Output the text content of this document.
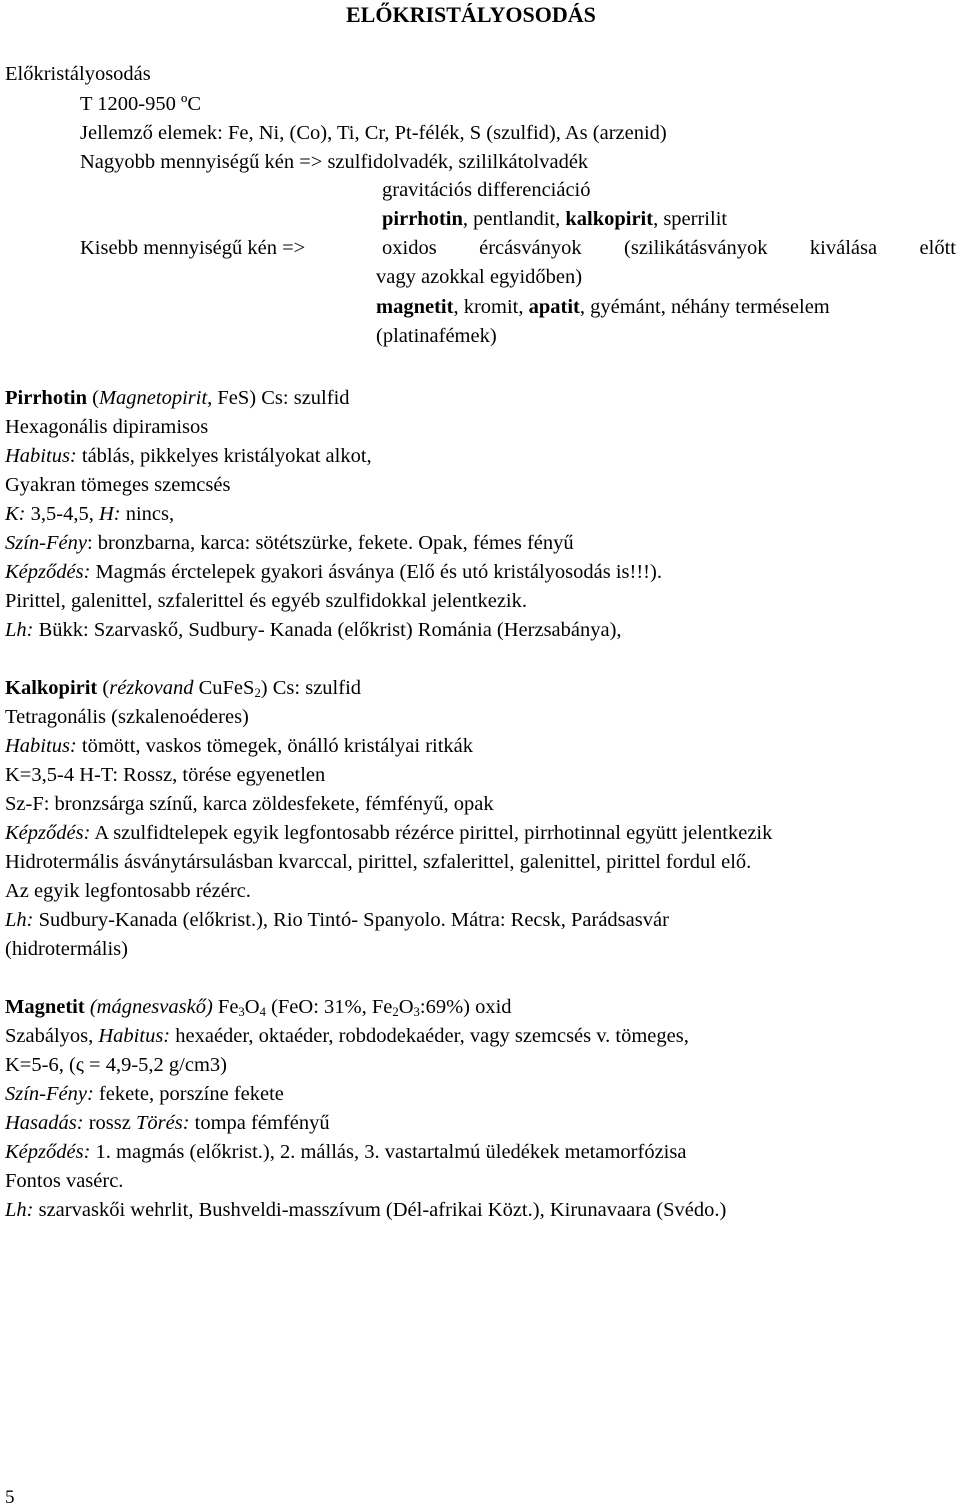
ELŐKRISTÁLYOSODÁS
Előkristályosodás
T 1200-950 ºC
Jellemző elemek: Fe, Ni, (Co), Ti, Cr, Pt-félék, S (szulfid), As (arzenid)
Nagyobb mennyiségű kén => szulfidolvadék, szililkátolvadék
gravitációs differenciáció
pirrhotin, pentlandit, kalkopirit, sperrilit
Kisebb mennyiségű kén =>	oxidos ércásványok (szilikátásványok kiválása előtt
vagy azokkal egyidőben)
magnetit, kromit, apatit, gyémánt, néhány terméselem
(platinafémek)
Pirrhotin (Magnetopirit, FeS) Cs: szulfid
Hexagonális dipiramisos
Habitus: táblás, pikkelyes kristályokat alkot,
Gyakran tömeges szemcsés
K: 3,5-4,5, H: nincs,
Szín-Fény: bronzbarna, karca: sötétszürke, fekete. Opak, fémes fényű
Képződés: Magmás érctelepek gyakori ásványa (Elő és utó kristályosodás is!!!).
Pirittel, galenittel, szfalerittel és egyéb szulfidokkal jelentkezik.
Lh: Bükk: Szarvaskő, Sudbury- Kanada (előkrist) Románia (Herzsabánya),
Kalkopirit (rézkovand CuFeS$_2$) Cs: szulfid
Tetragonális (szkalenoéderes)
Habitus: tömött, vaskos tömegek, önálló kristályai ritkák
K=3,5-4 H-T: Rossz, törése egyenetlen
Sz-F: bronzsárga színű, karca zöldesfekete, fémfényű, opak
Képződés: A szulfidtelepek egyik legfontosabb rézérce pirittel, pirrhotinnal együtt jelentkezik
Hidrotermális ásványtársulásban kvarccal, pirittel, szfalerittel, galenittel, pirittel fordul elő.
Az egyik legfontosabb rézérc.
Lh: Sudbury-Kanada (előkrist.), Rio Tintó- Spanyolo. Mátra: Recsk, Parádsasvár
(hidrotermális)
Magnetit (mágnesvaskő) $Fe_3O_4$ (FeO: 31%, $Fe_2O_3:69\%$) oxid
Szabályos, Habitus: hexaéder, oktaéder, robdodekaéder, vagy szemcsés v. tömeges,
K=5-6, (ς = 4,9-5,2 g/cm3)
Szín-Fény: fekete, porszíne fekete
Hasadás: rossz Törés: tompa fémfényű
Képződés: 1. magmás (előkrist.), 2. mállás, 3. vastartalmú üledékek metamorfózisa
Fontos vasérc.
Lh: szarvaskői wehrlit, Bushveldi-masszívum (Dél-afrikai Közt.), Kirunavaara (Svédo.)
5
